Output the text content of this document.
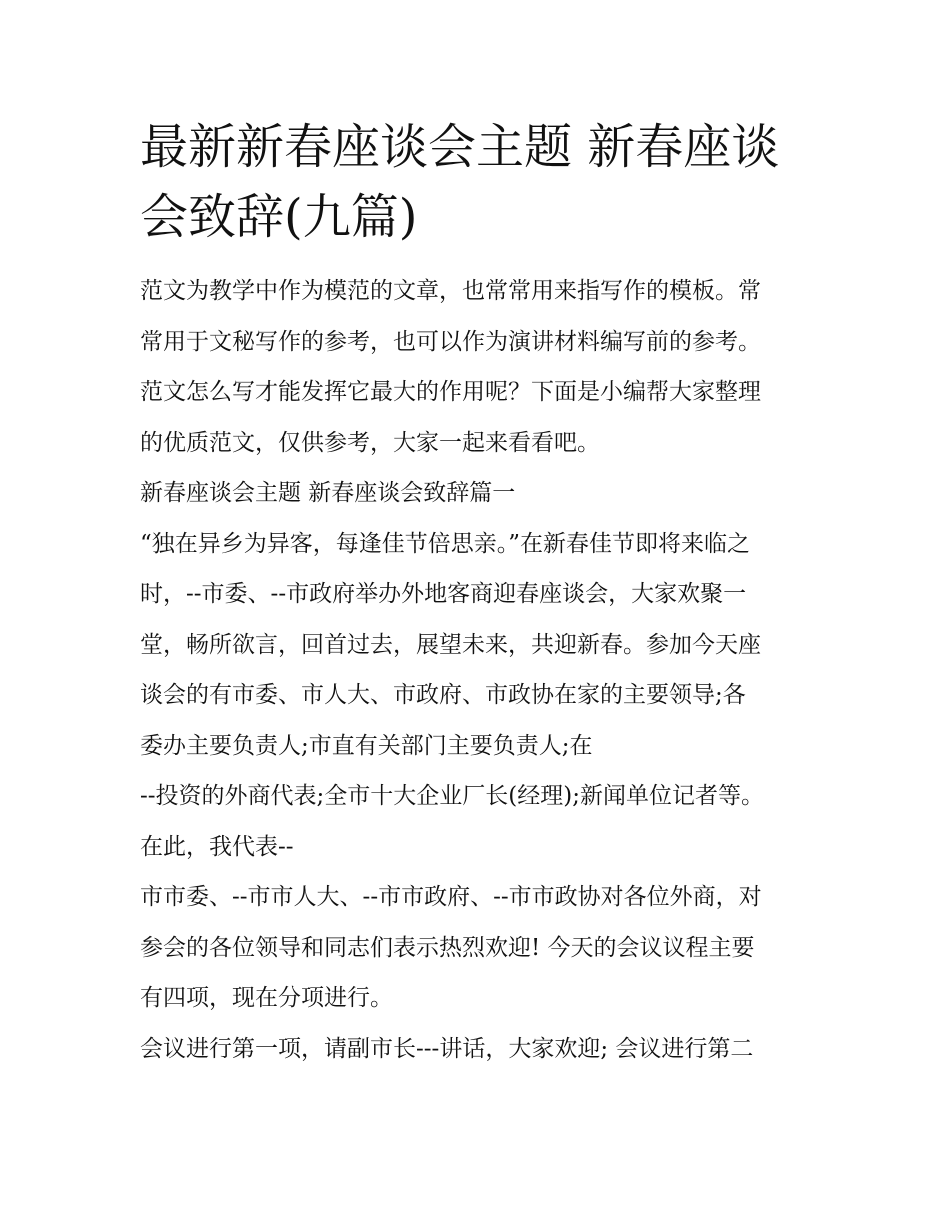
最新新春座谈会主题 新春座谈
会致辞(九篇)
范文为教学中作为模范的文章，也常常用来指写作的模板。常
常用于文秘写作的参考，也可以作为演讲材料编写前的参考。
范文怎么写才能发挥它最大的作用呢？下面是小编帮大家整理
的优质范文，仅供参考，大家一起来看看吧。
新春座谈会主题 新春座谈会致辞篇一
“独在异乡为异客，每逢佳节倍思亲。”在新春佳节即将来临之
时，--市委、--市政府举办外地客商迎春座谈会，大家欢聚一
堂，畅所欲言，回首过去，展望未来，共迎新春。参加今天座
谈会的有市委、市人大、市政府、市政协在家的主要领导;各
委办主要负责人;市直有关部门主要负责人;在
--投资的外商代表;全市十大企业厂长(经理);新闻单位记者等。
在此，我代表--
市市委、--市市人大、--市市政府、--市市政协对各位外商，对
参会的各位领导和同志们表示热烈欢迎! 今天的会议议程主要
有四项，现在分项进行。
会议进行第一项，请副市长---讲话，大家欢迎; 会议进行第二
